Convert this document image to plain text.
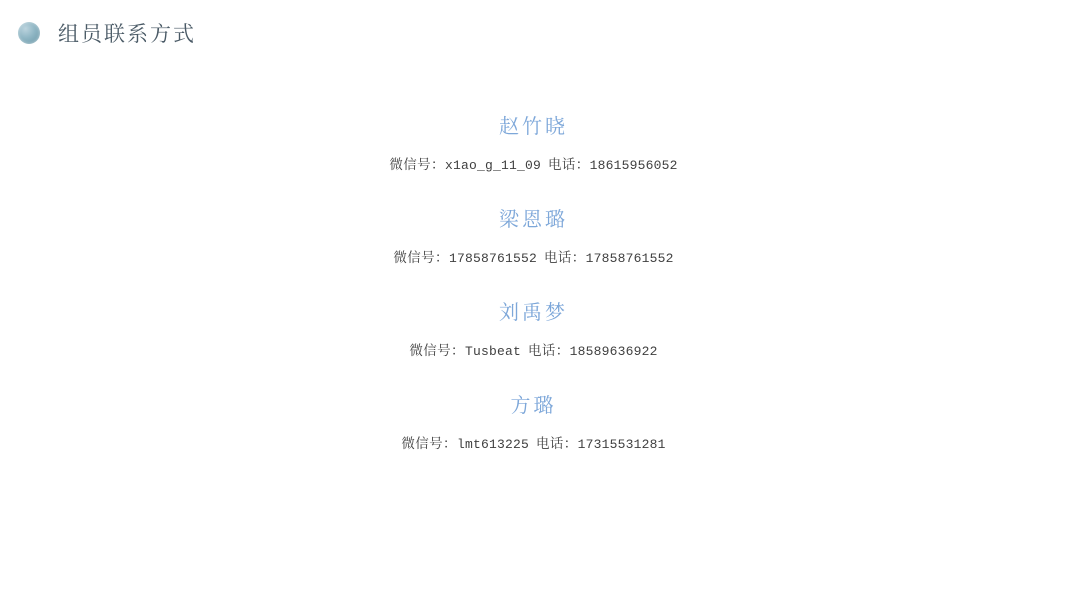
组员联系方式
赵竹晓
微信号：x1ao_g_11_09 电话：18615956052
梁恩璐
微信号：17858761552 电话：17858761552
刘禹梦
微信号：Tusbeat 电话：18589636922
方璐
微信号：lmt613225 电话：17315531281
